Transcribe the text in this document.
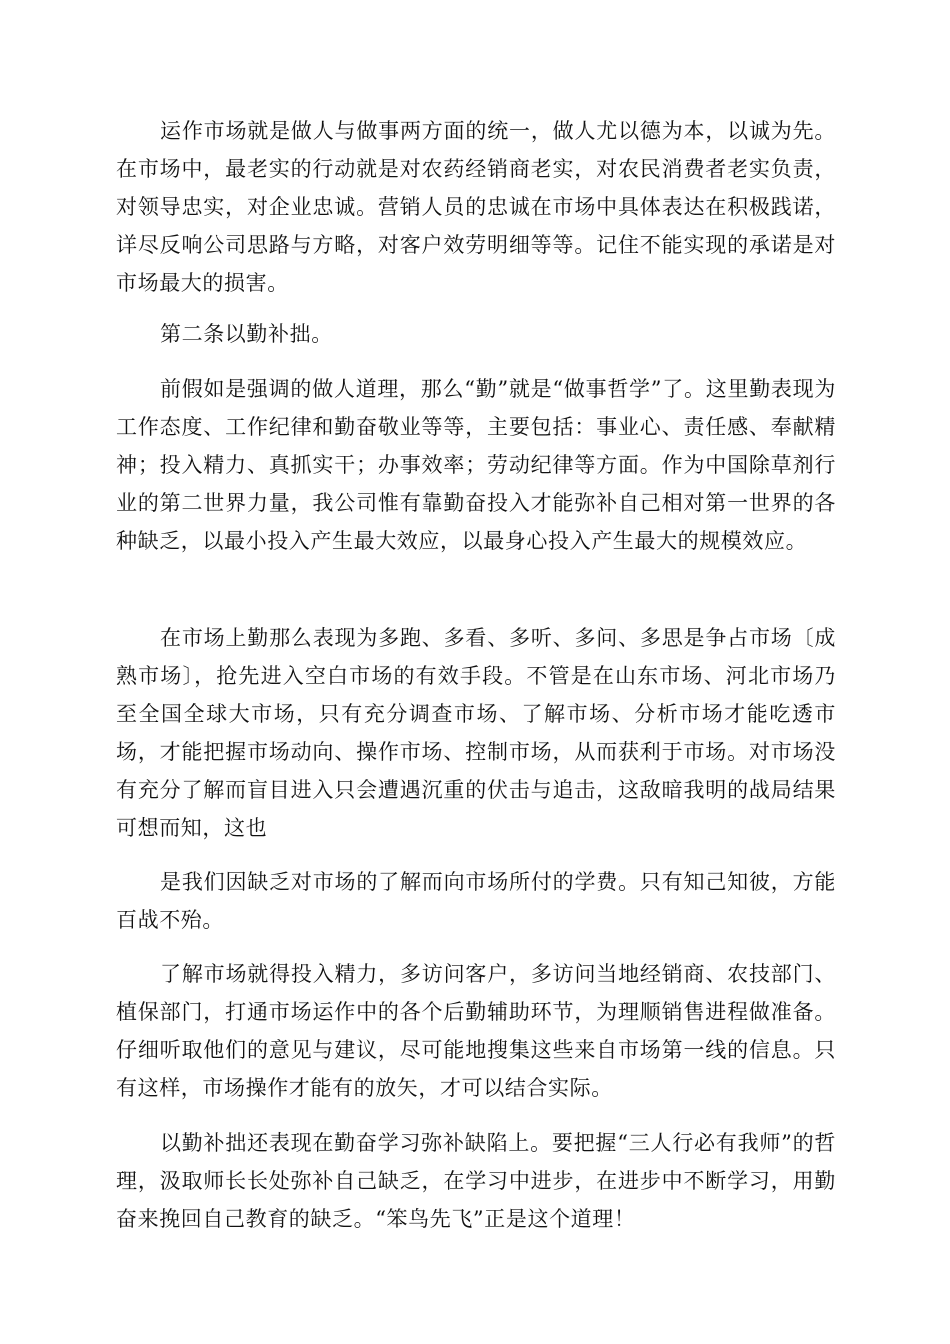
运作市场就是做人与做事两方面的统一，做人尤以德为本，以诚为先。在市场中，最老实的行动就是对农药经销商老实，对农民消费者老实负责，对领导忠实，对企业忠诚。营销人员的忠诚在市场中具体表达在积极践诺，详尽反响公司思路与方略，对客户效劳明细等等。记住不能实现的承诺是对市场最大的损害。

第二条以勤补拙。

前假如是强调的做人道理，那么“勤”就是“做事哲学”了。这里勤表现为工作态度、工作纪律和勤奋敬业等等，主要包括：事业心、责任感、奉献精神；投入精力、真抓实干；办事效率；劳动纪律等方面。作为中国除草剂行业的第二世界力量，我公司惟有靠勤奋投入才能弥补自己相对第一世界的各种缺乏，以最小投入产生最大效应，以最身心投入产生最大的规模效应。

在市场上勤那么表现为多跑、多看、多听、多问、多思是争占市场〔成熟市场〕，抢先进入空白市场的有效手段。不管是在山东市场、河北市场乃至全国全球大市场，只有充分调查市场、了解市场、分析市场才能吃透市场，才能把握市场动向、操作市场、控制市场，从而获利于市场。对市场没有充分了解而盲目进入只会遭遇沉重的伏击与追击，这敌暗我明的战局结果可想而知，这也

是我们因缺乏对市场的了解而向市场所付的学费。只有知己知彼，方能百战不殆。

了解市场就得投入精力，多访问客户，多访问当地经销商、农技部门、植保部门，打通市场运作中的各个后勤辅助环节，为理顺销售进程做准备。仔细听取他们的意见与建议，尽可能地搜集这些来自市场第一线的信息。只有这样，市场操作才能有的放矢，才可以结合实际。

以勤补拙还表现在勤奋学习弥补缺陷上。要把握“三人行必有我师”的哲理，汲取师长长处弥补自己缺乏，在学习中进步，在进步中不断学习，用勤奋来挽回自己教育的缺乏。“笨鸟先飞”正是这个道理！
